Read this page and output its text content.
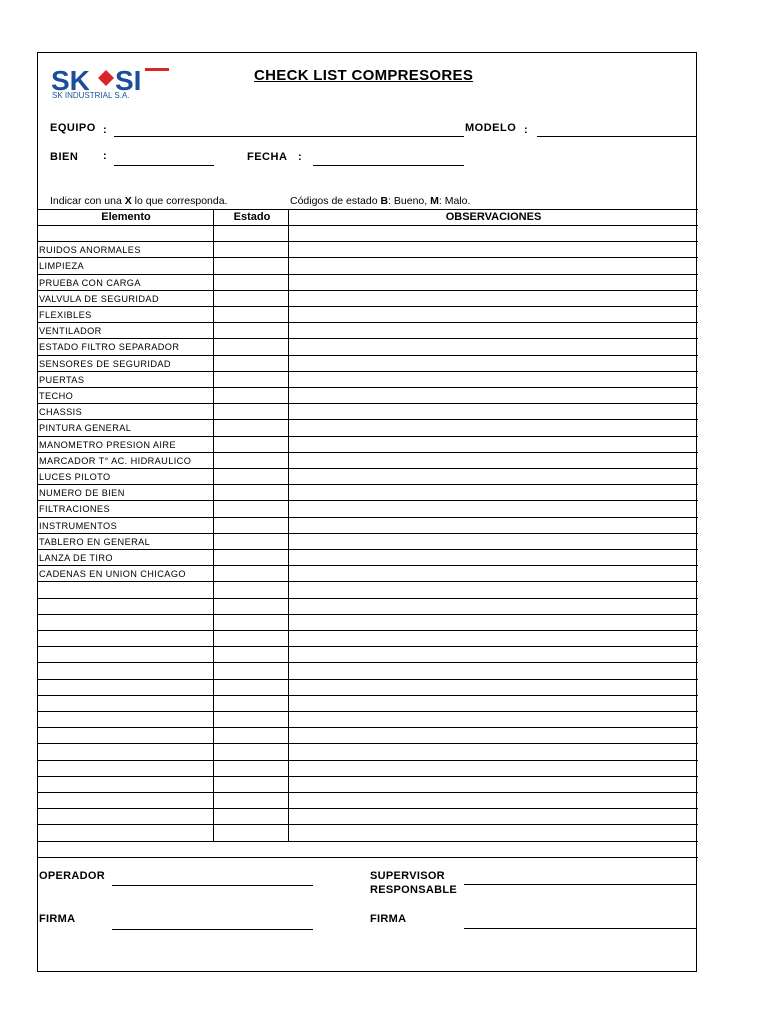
SK SI
SK INDUSTRIAL S.A.
CHECK LIST COMPRESORES
EQUIPO :	MODELO :
BIEN :	FECHA :
Indicar con una X lo que corresponda.	Códigos de estado B: Bueno, M: Malo.
Elemento	Estado	OBSERVACIONES
RUIDOS ANORMALES
LIMPIEZA
PRUEBA CON CARGA
VALVULA DE SEGURIDAD
FLEXIBLES
VENTILADOR
ESTADO FILTRO SEPARADOR
SENSORES DE SEGURIDAD
PUERTAS
TECHO
CHASSIS
PINTURA GENERAL
MANOMETRO PRESION AIRE
MARCADOR T° AC. HIDRAULICO
LUCES PILOTO
NUMERO DE BIEN
FILTRACIONES
INSTRUMENTOS
TABLERO EN GENERAL
LANZA DE TIRO
CADENAS EN UNION CHICAGO
OPERADOR	SUPERVISOR
RESPONSABLE
FIRMA	FIRMA
